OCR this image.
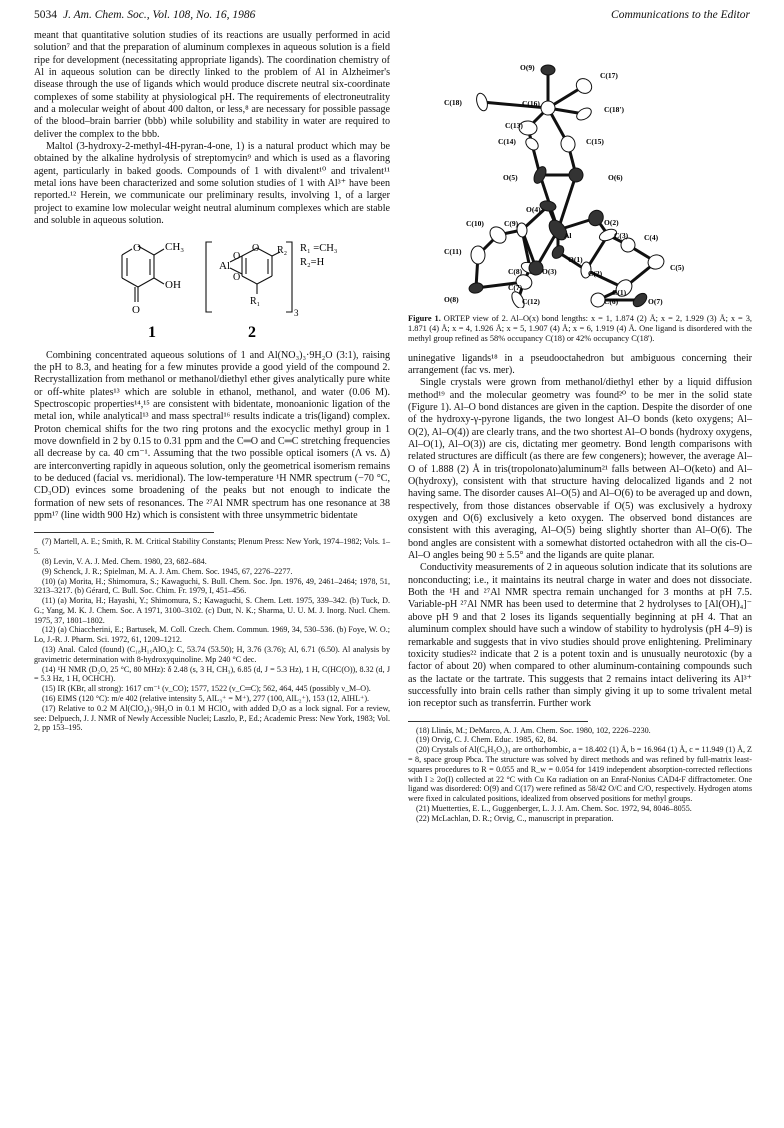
5034 J. Am. Chem. Soc., Vol. 108, No. 16, 1986	Communications to the Editor

meant that quantitative solution studies of its reactions are usually performed in acid solution⁷ and that the preparation of aluminum complexes in aqueous solution is a field ripe for development (necessitating appropriate ligands). The coordination chemistry of Al in aqueous solution can be directly linked to the problem of Al in Alzheimer's disease through the use of ligands which would produce discrete neutral six-coordinate complexes of some stability at physiological pH. The requirements of electroneutrality and a molecular weight of about 400 dalton, or less,⁸ are necessary for possible passage of the blood–brain barrier (bbb) while solubility and stability in water are required to deliver the complex to the bbb.

Maltol (3-hydroxy-2-methyl-4H-pyran-4-one, 1) is a natural product which may be obtained by the alkaline hydrolysis of streptomycin⁹ and which is used as a flavoring agent, particularly in baked goods. Compounds of 1 with divalent¹⁰ and trivalent¹¹ metal ions have been characterized and some solution studies of 1 with Al³⁺ have been reported.¹² Herein, we communicate our preliminary results, involving 1, of a larger project to examine low molecular weight neutral aluminum complexes which are stable and soluble in aqueous solution.

O CH₃
OH
O
1
Al
O
O
O R₂
R₁
3
2
R₁ =CH₃
R₂=H

Combining concentrated aqueous solutions of 1 and Al(NO₃)₃·9H₂O (3:1), raising the pH to 8.3, and heating for a few minutes provide a good yield of the compound 2. Recrystallization from methanol or methanol/diethyl ether gives analytically pure white or off-white plates¹³ which are soluble in ethanol, methanol, and water (0.06 M). Spectroscopic properties¹⁴,¹⁵ are consistent with bidentate, monoanionic ligation of the metal ion, while analytical¹³ and mass spectral¹⁶ results indicate a tris(ligand) complex. Proton chemical shifts for the two ring protons and the exocyclic methyl group in 1 move downfield in 2 by 0.15 to 0.31 ppm and the C═O and C═C stretching frequencies all decrease by ca. 40 cm⁻¹. Assuming that the two possible optical isomers (Λ vs. Δ) are interconverting rapidly in aqueous solution, only the geometrical isomerism remains to be deduced (facial vs. meridional). The low-temperature ¹H NMR spectrum (−70 °C, CD₃OD) evinces some broadening of the peaks but not enough to indicate the formation of new sets of resonances. The ²⁷Al NMR spectrum has one resonance at 38 ppm¹⁷ (line width 900 Hz) which is consistent with three unsymmetric bidentate

(7) Martell, A. E.; Smith, R. M. Critical Stability Constants; Plenum Press: New York, 1974–1982; Vols. 1–5.

(8) Levin, V. A. J. Med. Chem. 1980, 23, 682–684.

(9) Schenck, J. R.; Spielman, M. A. J. Am. Chem. Soc. 1945, 67, 2276–2277.

(10) (a) Morita, H.; Shimomura, S.; Kawaguchi, S. Bull. Chem. Soc. Jpn. 1976, 49, 2461–2464; 1978, 51, 3213–3217. (b) Gérard, C. Bull. Soc. Chim. Fr. 1979, I, 451–456.

(11) (a) Morita, H.; Hayashi, Y.; Shimomura, S.; Kawaguchi, S. Chem. Lett. 1975, 339–342. (b) Tuck, D. G.; Yang, M. K. J. Chem. Soc. A 1971, 3100–3102. (c) Dutt, N. K.; Sharma, U. U. M. J. Inorg. Nucl. Chem. 1975, 37, 1801–1802.

(12) (a) Chiaccherini, E.; Bartusek, M. Coll. Czech. Chem. Commun. 1969, 34, 530–536. (b) Foye, W. O.; Lo, J.-R. J. Pharm. Sci. 1972, 61, 1209–1212.

(13) Anal. Calcd (found) (C₁₈H₁₅AlO₉): C, 53.74 (53.50); H, 3.76 (3.76); Al, 6.71 (6.50). Al analysis by gravimetric determination with 8-hydroxyquinoline. Mp 240 °C dec.

(14) ¹H NMR (D₂O, 25 °C, 80 MHz): δ 2.48 (s, 3 H, CH₃), 6.85 (d, J = 5.3 Hz), 1 H, C(HC(O)), 8.32 (d, J = 5.3 Hz, 1 H, OCHCH).

(15) IR (KBr, all strong): 1617 cm⁻¹ (ν_CO); 1577, 1522 (ν_C═C); 562, 464, 445 (possibly ν_M–O).

(16) EIMS (120 °C): m/e 402 (relative intensity 5, AlL₃⁺ = M⁺), 277 (100, AlL₂⁺), 153 (12, AlHL⁺).

(17) Relative to 0.2 M Al(ClO₄)₃·9H₂O in 0.1 M HClO₄ with added D₂O as a lock signal. For a review, see: Delpuech, J. J. NMR of Newly Accessible Nuclei; Laszlo, P., Ed.; Academic Press: New York, 1983; Vol. 2, pp 153–195.

O(9)
C(17)
C(18)	C(16)
C(18')
C(13)
C(14)	C(15)
O(5)	O(6)
O(4)
C(10)	C(9)	O(2)
C(3) C(4)
Al
C(11)
O(1)
C(5)
C(8)	O(3)	C(2)
C(1)
O(8)
C(7)
C(12)	C(6)	O(7)
Figure 1. ORTEP view of 2. Al–O(x) bond lengths: x = 1, 1.874 (2) Å; x = 2, 1.929 (3) Å; x = 3, 1.871 (4) Å; x = 4, 1.926 Å; x = 5, 1.907 (4) Å; x = 6, 1.919 (4) Å. One ligand is disordered with the methyl group refined as 58% occupancy C(18) or 42% occupancy C(18').

uninegative ligands¹⁸ in a pseudooctahedron but ambiguous concerning their arrangement (fac vs. mer).

Single crystals were grown from methanol/diethyl ether by a liquid diffusion method¹⁹ and the molecular geometry was found²⁰ to be mer in the solid state (Figure 1). Al–O bond distances are given in the caption. Despite the disorder of one of the hydroxy-γ-pyrone ligands, the two longest Al–O bonds (keto oxygens; Al–O(2), Al–O(4)) are clearly trans, and the two shortest Al–O bonds (hydroxy oxygens, Al–O(1), Al–O(3)) are cis, dictating mer geometry. Bond length comparisons with related structures are difficult (as there are few congeners); however, the average Al–O of 1.888 (2) Å in tris(tropolonato)aluminum²¹ falls between Al–O(keto) and Al–O(hydroxy), consistent with that structure having delocalized ligands and 2 not having same. The disorder causes Al–O(5) and Al–O(6) to be averaged up and down, respectively, from those distances observable if O(5) was exclusively a hydroxy oxygen and O(6) exclusively a keto oxygen. The observed bond distances are consistent with this averaging, Al–O(5) being slightly shorter than Al–O(6). The bond angles are consistent with a somewhat distorted octahedron with all the cis-O–Al–O angles being 90 ± 5.5° and the ligands are quite planar.

Conductivity measurements of 2 in aqueous solution indicate that its solutions are nonconducting; i.e., it maintains its neutral charge in water and does not dissociate. Both the ¹H and ²⁷Al NMR spectra remain unchanged for 3 months at pH 7.5. Variable-pH ²⁷Al NMR has been used to determine that 2 hydrolyses to [Al(OH)₄]⁻ above pH 9 and that 2 loses its ligands sequentially beginning at pH 4. That an aluminum complex should have such a window of stability to hydrolysis (pH 4–9) is remarkable and suggests that in vivo studies should prove enlightening. Preliminary toxicity studies²² indicate that 2 is a potent toxin and is unusually neurotoxic (by a factor of about 20) when compared to other aluminum-containing compounds such as the lactate or the tartrate. This suggests that 2 remains intact delivering its Al³⁺ successfully into brain cells rather than simply giving it up to some trivalent metal ion receptor such as transferrin. Further work

(18) Llinás, M.; DeMarco, A. J. Am. Chem. Soc. 1980, 102, 2226–2230.

(19) Orvig, C. J. Chem. Educ. 1985, 62, 84.

(20) Crystals of Al(C₆H₅O₃)₃ are orthorhombic, a = 18.402 (1) Å, b = 16.964 (1) Å, c = 11.949 (1) Å, Z = 8, space group Pbca. The structure was solved by direct methods and was refined by full-matrix least-squares procedures to R = 0.055 and R_w = 0.054 for 1419 independent absorption-corrected reflections with I ≥ 2σ(I) collected at 22 °C with Cu Kα radiation on an Enraf-Nonius CAD4-F diffractometer. One ligand was disordered: O(9) and C(17) were refined as 58/42 O/C and C/O, respectively. Hydrogen atoms were fixed in calculated positions, idealized from observed positions for methyl groups.

(21) Muetterties, E. L., Guggenberger, L. J. J. Am. Chem. Soc. 1972, 94, 8046–8055.

(22) McLachlan, D. R.; Orvig, C., manuscript in preparation.
